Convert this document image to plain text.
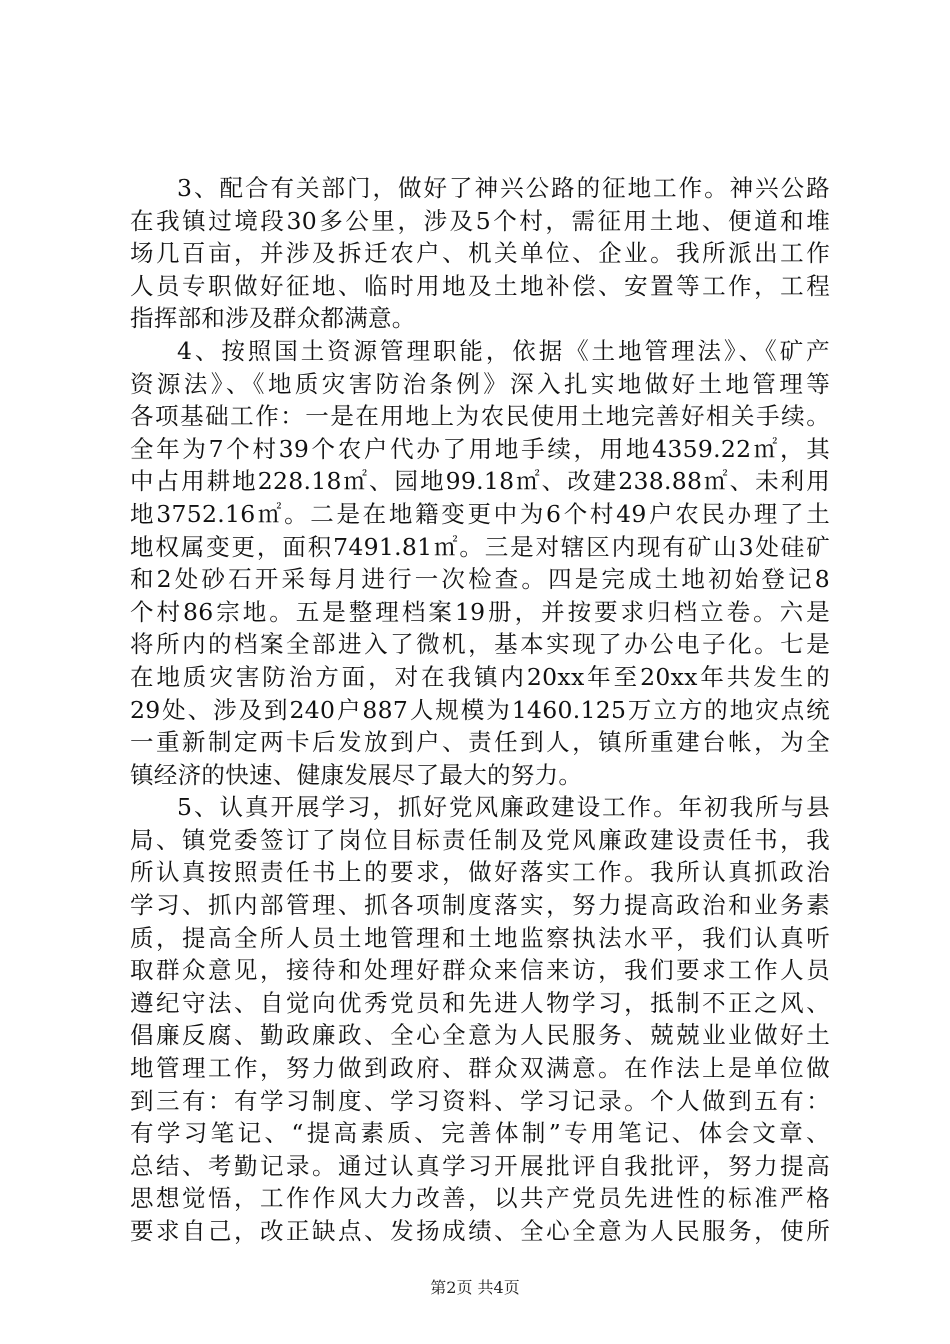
3、配合有关部门，做好了神兴公路的征地工作。神兴公路
在我镇过境段30多公里，涉及5个村，需征用土地、便道和堆
场几百亩，并涉及拆迁农户、机关单位、企业。我所派出工作
人员专职做好征地、临时用地及土地补偿、安置等工作，工程
指挥部和涉及群众都满意。
4、按照国土资源管理职能，依据《土地管理法》、《矿产
资源法》、《地质灾害防治条例》深入扎实地做好土地管理等
各项基础工作：一是在用地上为农民使用土地完善好相关手续。
全年为7个村39个农户代办了用地手续，用地4359.22㎡，其
中占用耕地228.18㎡、园地99.18㎡、改建238.88㎡、未利用
地3752.16㎡。二是在地籍变更中为6个村49户农民办理了土
地权属变更，面积7491.81㎡。三是对辖区内现有矿山3处硅矿
和2处砂石开采每月进行一次检查。四是完成土地初始登记8
个村86宗地。五是整理档案19册，并按要求归档立卷。六是
将所内的档案全部进入了微机，基本实现了办公电子化。七是
在地质灾害防治方面，对在我镇内20xx年至20xx年共发生的
29处、涉及到240户887人规模为1460.125万立方的地灾点统
一重新制定两卡后发放到户、责任到人，镇所重建台帐，为全
镇经济的快速、健康发展尽了最大的努力。
5、认真开展学习，抓好党风廉政建设工作。年初我所与县
局、镇党委签订了岗位目标责任制及党风廉政建设责任书，我
所认真按照责任书上的要求，做好落实工作。我所认真抓政治
学习、抓内部管理、抓各项制度落实，努力提高政治和业务素
质，提高全所人员土地管理和土地监察执法水平，我们认真听
取群众意见，接待和处理好群众来信来访，我们要求工作人员
遵纪守法、自觉向优秀党员和先进人物学习，抵制不正之风、
倡廉反腐、勤政廉政、全心全意为人民服务、兢兢业业做好土
地管理工作，努力做到政府、群众双满意。在作法上是单位做
到三有：有学习制度、学习资料、学习记录。个人做到五有：
有学习笔记、“提高素质、完善体制”专用笔记、体会文章、
总结、考勤记录。通过认真学习开展批评自我批评，努力提高
思想觉悟，工作作风大力改善，以共产党员先进性的标准严格
要求自己，改正缺点、发扬成绩、全心全意为人民服务，使所
第2页 共4页
